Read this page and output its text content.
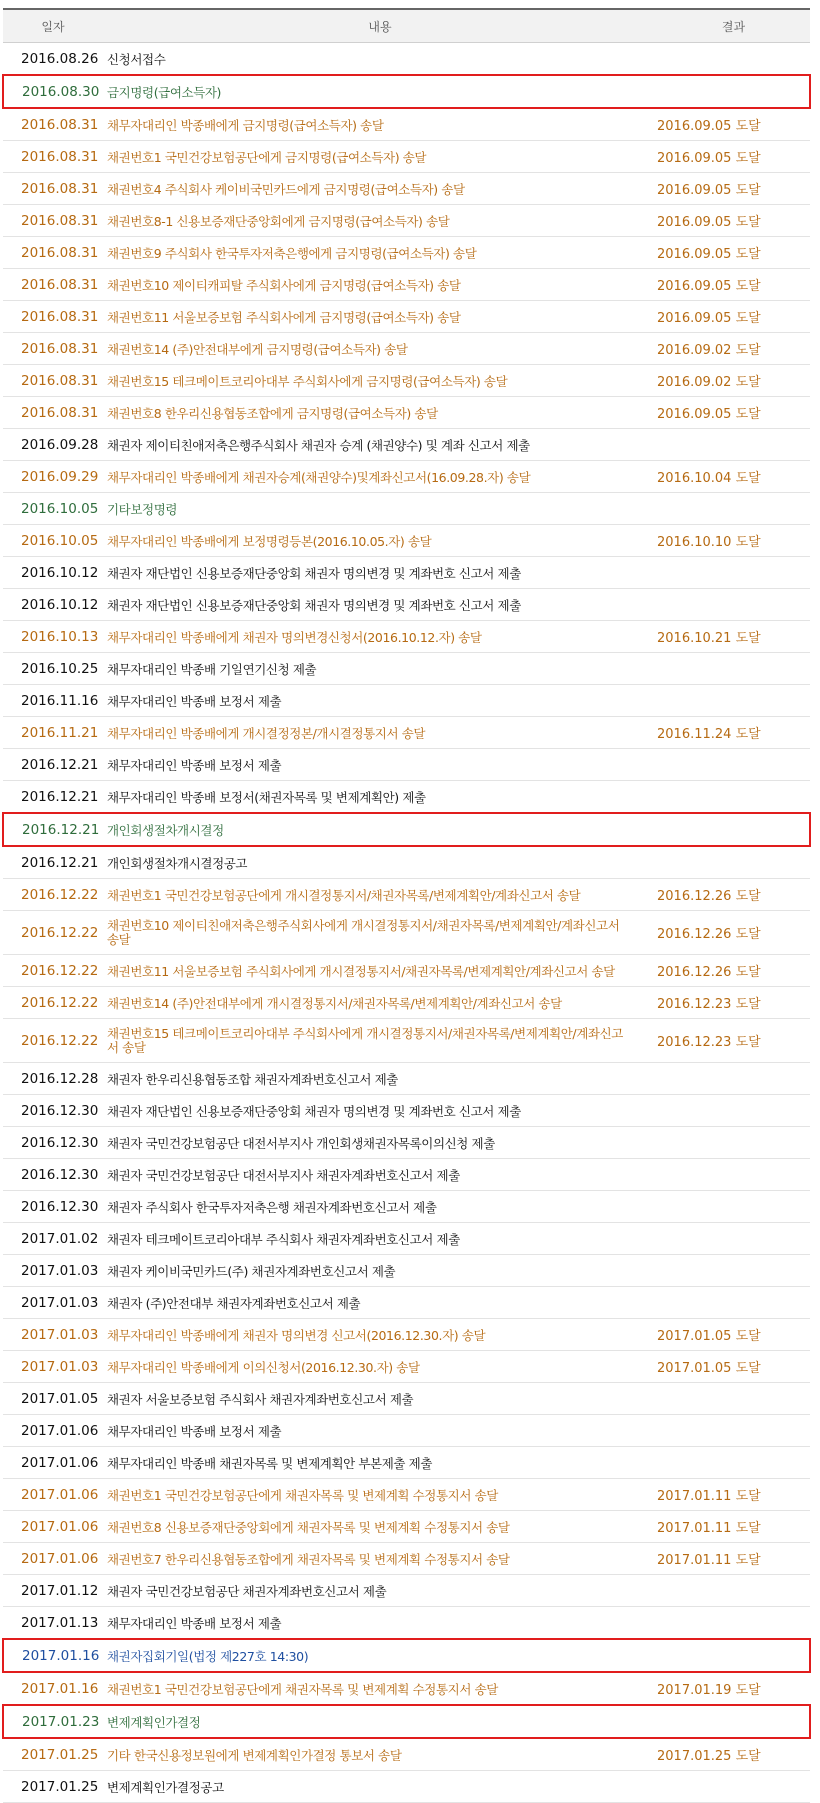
일자	내용	결과
2016.08.26	신청서접수	
2016.08.30	금지명령(급여소득자)	
2016.08.31	채무자대리인 박종배에게 금지명령(급여소득자) 송달	2016.09.05 도달
2016.08.31	채권번호1 국민건강보험공단에게 금지명령(급여소득자) 송달	2016.09.05 도달
2016.08.31	채권번호4 주식회사 케이비국민카드에게 금지명령(급여소득자) 송달	2016.09.05 도달
2016.08.31	채권번호8-1 신용보증재단중앙회에게 금지명령(급여소득자) 송달	2016.09.05 도달
2016.08.31	채권번호9 주식회사 한국투자저축은행에게 금지명령(급여소득자) 송달	2016.09.05 도달
2016.08.31	채권번호10 제이티캐피탈 주식회사에게 금지명령(급여소득자) 송달	2016.09.05 도달
2016.08.31	채권번호11 서울보증보험 주식회사에게 금지명령(급여소득자) 송달	2016.09.05 도달
2016.08.31	채권번호14 (주)안전대부에게 금지명령(급여소득자) 송달	2016.09.02 도달
2016.08.31	채권번호15 테크메이트코리아대부 주식회사에게 금지명령(급여소득자) 송달	2016.09.02 도달
2016.08.31	채권번호8 한우리신용협동조합에게 금지명령(급여소득자) 송달	2016.09.05 도달
2016.09.28	채권자 제이티친애저축은행주식회사 채권자 승계 (채권양수) 및 계좌 신고서 제출	
2016.09.29	채무자대리인 박종배에게 채권자승계(채권양수)및계좌신고서(16.09.28.자) 송달	2016.10.04 도달
2016.10.05	기타보정명령	
2016.10.05	채무자대리인 박종배에게 보정명령등본(2016.10.05.자) 송달	2016.10.10 도달
2016.10.12	채권자 재단법인 신용보증재단중앙회 채권자 명의변경 및 계좌번호 신고서 제출	
2016.10.12	채권자 재단법인 신용보증재단중앙회 채권자 명의변경 및 계좌번호 신고서 제출	
2016.10.13	채무자대리인 박종배에게 채권자 명의변경신청서(2016.10.12.자) 송달	2016.10.21 도달
2016.10.25	채무자대리인 박종배 기일연기신청 제출	
2016.11.16	채무자대리인 박종배 보정서 제출	
2016.11.21	채무자대리인 박종배에게 개시결정정본/개시결정통지서 송달	2016.11.24 도달
2016.12.21	채무자대리인 박종배 보정서 제출	
2016.12.21	채무자대리인 박종배 보정서(채권자목록 및 변제계획안) 제출	
2016.12.21	개인회생절차개시결정	
2016.12.21	개인회생절차개시결정공고	
2016.12.22	채권번호1 국민건강보험공단에게 개시결정통지서/채권자목록/변제계획안/계좌신고서 송달	2016.12.26 도달
2016.12.22	채권번호10 제이티친애저축은행주식회사에게 개시결정통지서/채권자목록/변제계획안/계좌신고서 송달	2016.12.26 도달
2016.12.22	채권번호11 서울보증보험 주식회사에게 개시결정통지서/채권자목록/변제계획안/계좌신고서 송달	2016.12.26 도달
2016.12.22	채권번호14 (주)안전대부에게 개시결정통지서/채권자목록/변제계획안/계좌신고서 송달	2016.12.23 도달
2016.12.22	채권번호15 테크메이트코리아대부 주식회사에게 개시결정통지서/채권자목록/변제계획안/계좌신고서 송달	2016.12.23 도달
2016.12.28	채권자 한우리신용협동조합 채권자계좌번호신고서 제출	
2016.12.30	채권자 재단법인 신용보증재단중앙회 채권자 명의변경 및 계좌번호 신고서 제출	
2016.12.30	채권자 국민건강보험공단 대전서부지사 개인회생채권자목록이의신청 제출	
2016.12.30	채권자 국민건강보험공단 대전서부지사 채권자계좌번호신고서 제출	
2016.12.30	채권자 주식회사 한국투자저축은행 채권자계좌번호신고서 제출	
2017.01.02	채권자 테크메이트코리아대부 주식회사 채권자계좌번호신고서 제출	
2017.01.03	채권자 케이비국민카드(주) 채권자계좌번호신고서 제출	
2017.01.03	채권자 (주)안전대부 채권자계좌번호신고서 제출	
2017.01.03	채무자대리인 박종배에게 채권자 명의변경 신고서(2016.12.30.자) 송달	2017.01.05 도달
2017.01.03	채무자대리인 박종배에게 이의신청서(2016.12.30.자) 송달	2017.01.05 도달
2017.01.05	채권자 서울보증보험 주식회사 채권자계좌번호신고서 제출	
2017.01.06	채무자대리인 박종배 보정서 제출	
2017.01.06	채무자대리인 박종배 채권자목록 및 변제계획안 부본제출 제출	
2017.01.06	채권번호1 국민건강보험공단에게 채권자목록 및 변제계획 수정통지서 송달	2017.01.11 도달
2017.01.06	채권번호8 신용보증재단중앙회에게 채권자목록 및 변제계획 수정통지서 송달	2017.01.11 도달
2017.01.06	채권번호7 한우리신용협동조합에게 채권자목록 및 변제계획 수정통지서 송달	2017.01.11 도달
2017.01.12	채권자 국민건강보험공단 채권자계좌번호신고서 제출	
2017.01.13	채무자대리인 박종배 보정서 제출	
2017.01.16	채권자집회기일(법정 제227호 14:30)	
2017.01.16	채권번호1 국민건강보험공단에게 채권자목록 및 변제계획 수정통지서 송달	2017.01.19 도달
2017.01.23	변제계획인가결정	
2017.01.25	기타 한국신용정보원에게 변제계획인가결정 통보서 송달	2017.01.25 도달
2017.01.25	변제계획인가결정공고	
